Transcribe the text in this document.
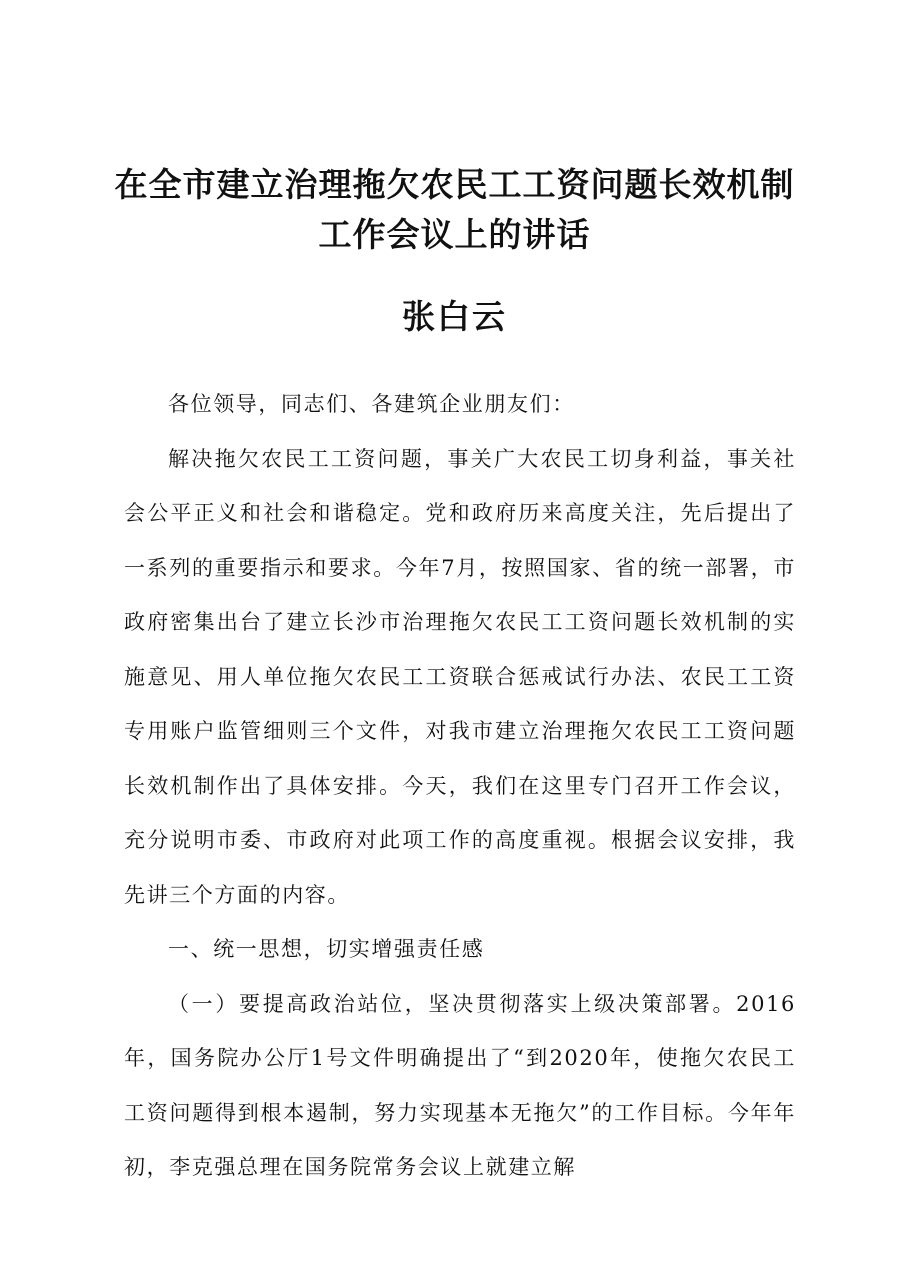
在全市建立治理拖欠农民工工资问题长效机制
工作会议上的讲话
张白云

各位领导，同志们、各建筑企业朋友们：

解决拖欠农民工工资问题，事关广大农民工切身利益，事关社会公平正义和社会和谐稳定。党和政府历来高度关注，先后提出了一系列的重要指示和要求。今年7月，按照国家、省的统一部署，市政府密集出台了建立长沙市治理拖欠农民工工资问题长效机制的实施意见、用人单位拖欠农民工工资联合惩戒试行办法、农民工工资专用账户监管细则三个文件，对我市建立治理拖欠农民工工资问题长效机制作出了具体安排。今天，我们在这里专门召开工作会议，充分说明市委、市政府对此项工作的高度重视。根据会议安排，我先讲三个方面的内容。

一、统一思想，切实增强责任感

（一）要提高政治站位，坚决贯彻落实上级决策部署。2016年，国务院办公厅1号文件明确提出了“到2020年，使拖欠农民工工资问题得到根本遏制，努力实现基本无拖欠”的工作目标。今年年初，李克强总理在国务院常务会议上就建立解
